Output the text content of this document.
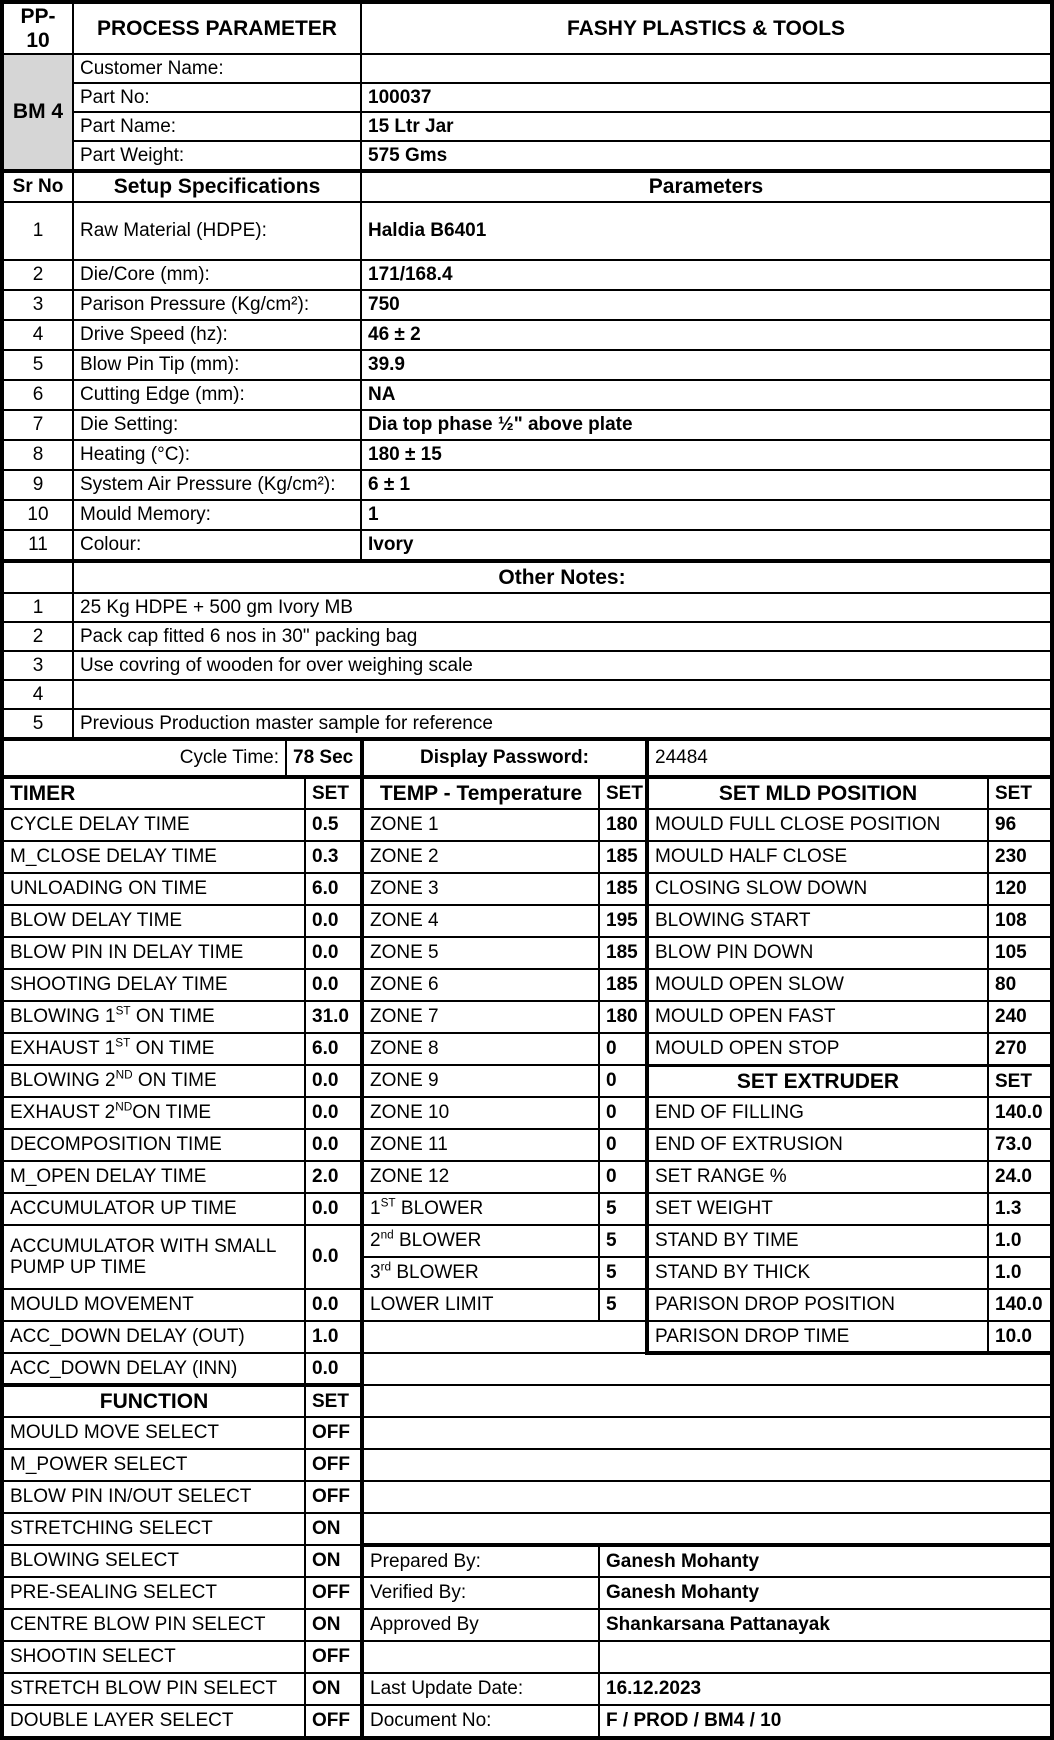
PP-10	PROCESS PARAMETER	FASHY PLASTICS & TOOLS
BM 4	Customer Name:	
	Part No:	100037
	Part Name:	15 Ltr Jar
	Part Weight:	575 Gms
Sr No	Setup Specifications	Parameters
1	Raw Material (HDPE):	Haldia B6401
2	Die/Core (mm):	171/168.4
3	Parison Pressure (Kg/cm²):	750
4	Drive Speed (hz):	46 ± 2
5	Blow Pin Tip (mm):	39.9
6	Cutting Edge (mm):	NA
7	Die Setting:	Dia top phase ½" above plate
8	Heating (°C):	180 ± 15
9	System Air Pressure (Kg/cm²):	6 ± 1
10	Mould Memory:	1
11	Colour:	Ivory
	Other Notes:
1	25 Kg HDPE + 500 gm Ivory MB
2	Pack cap fitted 6 nos in 30" packing bag
3	Use covring of wooden for over weighing scale
4	
5	Previous Production master sample for reference
Cycle Time:	78 Sec	Display Password:	24484
TIMER	SET	TEMP - Temperature	SET	SET MLD POSITION	SET
CYCLE DELAY TIME	0.5	ZONE 1	180	MOULD FULL CLOSE POSITION	96
M_CLOSE DELAY TIME	0.3	ZONE 2	185	MOULD HALF CLOSE	230
UNLOADING ON TIME	6.0	ZONE 3	185	CLOSING SLOW DOWN	120
BLOW DELAY TIME	0.0	ZONE 4	195	BLOWING START	108
BLOW PIN IN DELAY TIME	0.0	ZONE 5	185	BLOW PIN DOWN	105
SHOOTING DELAY TIME	0.0	ZONE 6	185	MOULD OPEN SLOW	80
BLOWING 1ST ON TIME	31.0	ZONE 7	180	MOULD OPEN FAST	240
EXHAUST 1ST ON TIME	6.0	ZONE 8	0	MOULD OPEN STOP	270
BLOWING 2ND ON TIME	0.0	ZONE 9	0	SET EXTRUDER	SET
EXHAUST 2NDON TIME	0.0	ZONE 10	0	END OF FILLING	140.0
DECOMPOSITION TIME	0.0	ZONE 11	0	END OF EXTRUSION	73.0
M_OPEN DELAY TIME	2.0	ZONE 12	0	SET RANGE %	24.0
ACCUMULATOR UP TIME	0.0	1ST BLOWER	5	SET WEIGHT	1.3
ACCUMULATOR WITH SMALL PUMP UP TIME	0.0	2nd BLOWER	5	STAND BY TIME	1.0
		3rd BLOWER	5	STAND BY THICK	1.0
MOULD MOVEMENT	0.0	LOWER LIMIT	5	PARISON DROP POSITION	140.0
ACC_DOWN DELAY (OUT)	1.0			PARISON DROP TIME	10.0
ACC_DOWN DELAY (INN)	0.0				
FUNCTION	SET				
MOULD MOVE SELECT	OFF				
M_POWER SELECT	OFF				
BLOW PIN IN/OUT SELECT	OFF				
STRETCHING SELECT	ON				
BLOWING SELECT	ON	Prepared By:	Ganesh Mohanty		
PRE-SEALING SELECT	OFF	Verified By:	Ganesh Mohanty		
CENTRE BLOW PIN SELECT	ON	Approved By	Shankarsana Pattanayak		
SHOOTIN SELECT	OFF				
STRETCH BLOW PIN SELECT	ON	Last Update Date:	16.12.2023		
DOUBLE LAYER SELECT	OFF	Document No:	F / PROD / BM4 / 10		
